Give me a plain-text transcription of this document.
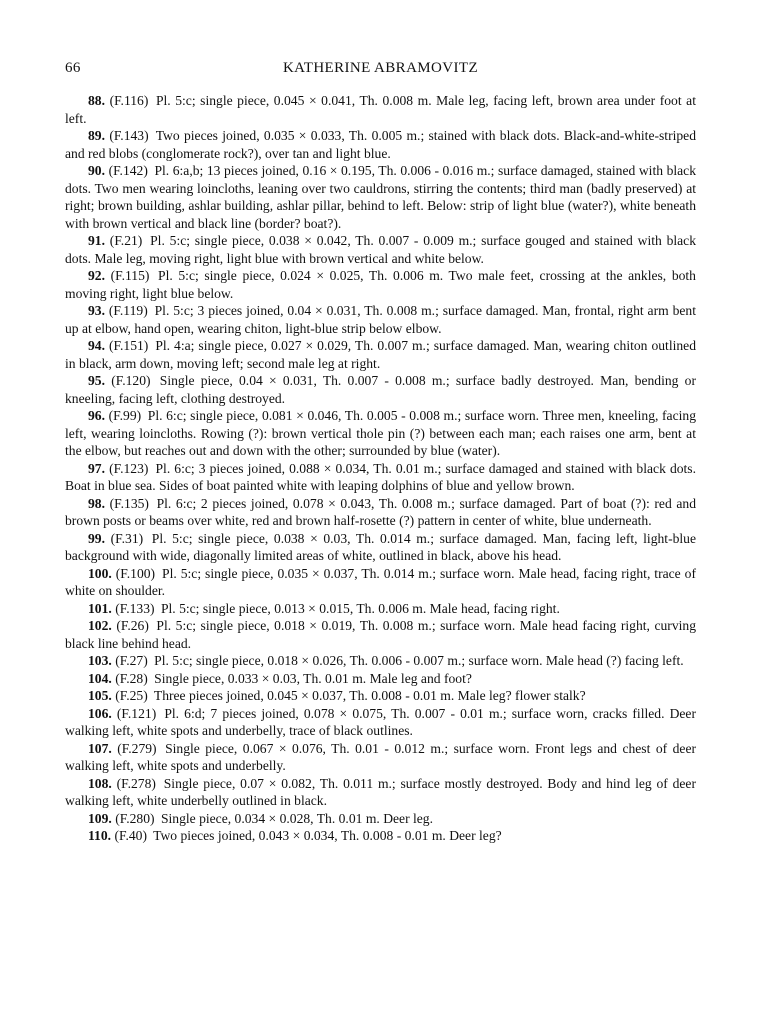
66	KATHERINE ABRAMOVITZ

88. (F.116) Pl. 5:c; single piece, 0.045 × 0.041, Th. 0.008 m. Male leg, facing left, brown area under foot at left.

89. (F.143) Two pieces joined, 0.035 × 0.033, Th. 0.005 m.; stained with black dots. Black-and-white-striped and red blobs (conglomerate rock?), over tan and light blue.

90. (F.142) Pl. 6:a,b; 13 pieces joined, 0.16 × 0.195, Th. 0.006 - 0.016 m.; surface damaged, stained with black dots. Two men wearing loincloths, leaning over two cauldrons, stirring the contents; third man (badly preserved) at right; brown building, ashlar building, ashlar pillar, behind to left. Below: strip of light blue (water?), white beneath with brown vertical and black line (border? boat?).

91. (F.21) Pl. 5:c; single piece, 0.038 × 0.042, Th. 0.007 - 0.009 m.; surface gouged and stained with black dots. Male leg, moving right, light blue with brown vertical and white below.

92. (F.115) Pl. 5:c; single piece, 0.024 × 0.025, Th. 0.006 m. Two male feet, crossing at the ankles, both moving right, light blue below.

93. (F.119) Pl. 5:c; 3 pieces joined, 0.04 × 0.031, Th. 0.008 m.; surface damaged. Man, frontal, right arm bent up at elbow, hand open, wearing chiton, light-blue strip below elbow.

94. (F.151) Pl. 4:a; single piece, 0.027 × 0.029, Th. 0.007 m.; surface damaged. Man, wearing chiton outlined in black, arm down, moving left; second male leg at right.

95. (F.120) Single piece, 0.04 × 0.031, Th. 0.007 - 0.008 m.; surface badly destroyed. Man, bending or kneeling, facing left, clothing destroyed.

96. (F.99) Pl. 6:c; single piece, 0.081 × 0.046, Th. 0.005 - 0.008 m.; surface worn. Three men, kneeling, facing left, wearing loincloths. Rowing (?): brown vertical thole pin (?) between each man; each raises one arm, bent at the elbow, but reaches out and down with the other; surrounded by blue (water).

97. (F.123) Pl. 6:c; 3 pieces joined, 0.088 × 0.034, Th. 0.01 m.; surface damaged and stained with black dots. Boat in blue sea. Sides of boat painted white with leaping dolphins of blue and yellow brown.

98. (F.135) Pl. 6:c; 2 pieces joined, 0.078 × 0.043, Th. 0.008 m.; surface damaged. Part of boat (?): red and brown posts or beams over white, red and brown half-rosette (?) pattern in center of white, blue underneath.

99. (F.31) Pl. 5:c; single piece, 0.038 × 0.03, Th. 0.014 m.; surface damaged. Man, facing left, light-blue background with wide, diagonally limited areas of white, outlined in black, above his head.

100. (F.100) Pl. 5:c; single piece, 0.035 × 0.037, Th. 0.014 m.; surface worn. Male head, facing right, trace of white on shoulder.

101. (F.133) Pl. 5:c; single piece, 0.013 × 0.015, Th. 0.006 m. Male head, facing right.

102. (F.26) Pl. 5:c; single piece, 0.018 × 0.019, Th. 0.008 m.; surface worn. Male head facing right, curving black line behind head.

103. (F.27) Pl. 5:c; single piece, 0.018 × 0.026, Th. 0.006 - 0.007 m.; surface worn. Male head (?) facing left.

104. (F.28) Single piece, 0.033 × 0.03, Th. 0.01 m. Male leg and foot?

105. (F.25) Three pieces joined, 0.045 × 0.037, Th. 0.008 - 0.01 m. Male leg? flower stalk?

106. (F.121) Pl. 6:d; 7 pieces joined, 0.078 × 0.075, Th. 0.007 - 0.01 m.; surface worn, cracks filled. Deer walking left, white spots and underbelly, trace of black outlines.

107. (F.279) Single piece, 0.067 × 0.076, Th. 0.01 - 0.012 m.; surface worn. Front legs and chest of deer walking left, white spots and underbelly.

108. (F.278) Single piece, 0.07 × 0.082, Th. 0.011 m.; surface mostly destroyed. Body and hind leg of deer walking left, white underbelly outlined in black.

109. (F.280) Single piece, 0.034 × 0.028, Th. 0.01 m. Deer leg.

110. (F.40) Two pieces joined, 0.043 × 0.034, Th. 0.008 - 0.01 m. Deer leg?
